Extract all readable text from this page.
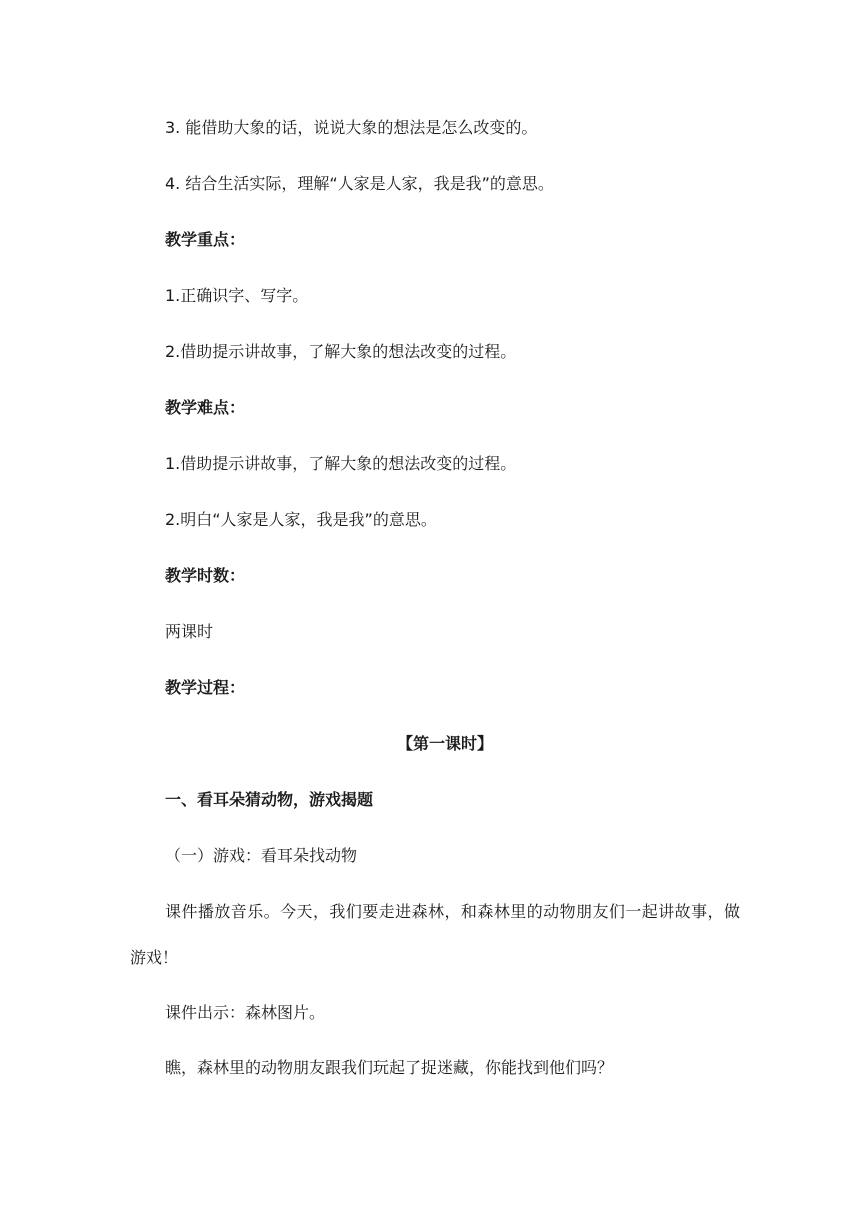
3. 能借助大象的话，说说大象的想法是怎么改变的。
4. 结合生活实际，理解“人家是人家，我是我”的意思。
教学重点：
1.正确识字、写字。
2.借助提示讲故事，了解大象的想法改变的过程。
教学难点：
1.借助提示讲故事，了解大象的想法改变的过程。
2.明白“人家是人家，我是我”的意思。
教学时数：
两课时
教学过程：
【第一课时】
一、看耳朵猜动物，游戏揭题
（一）游戏：看耳朵找动物
课件播放音乐。今天，我们要走进森林，和森林里的动物朋友们一起讲故事，做游戏！
课件出示：森林图片。
瞧，森林里的动物朋友跟我们玩起了捉迷藏，你能找到他们吗？
